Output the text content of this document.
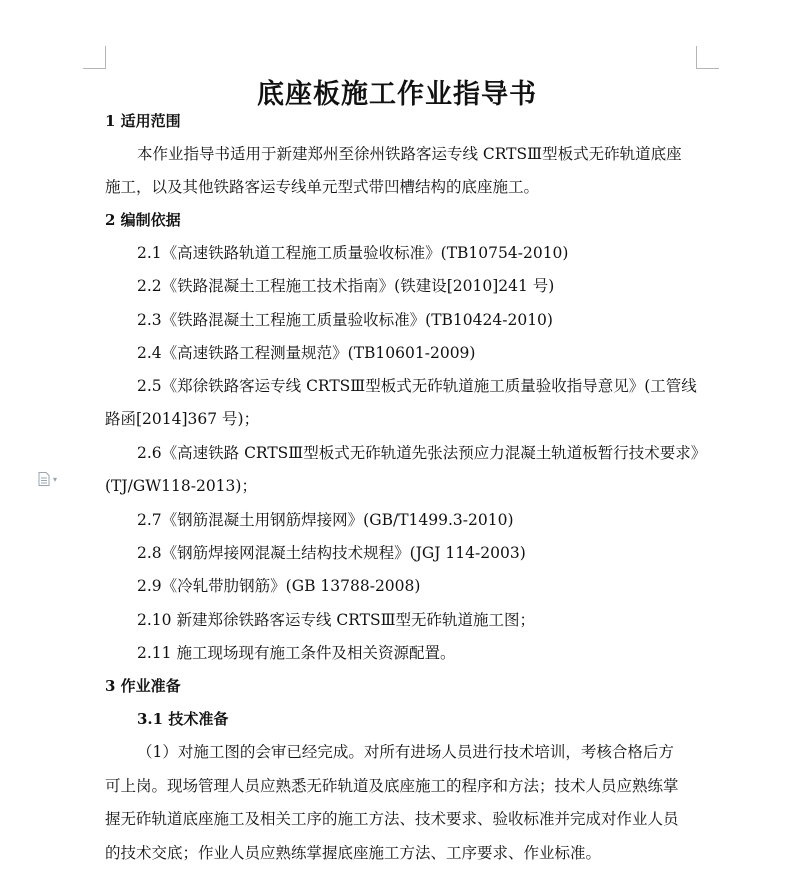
▾
底座板施工作业指导书
1 适用范围
本作业指导书适用于新建郑州至徐州铁路客运专线 CRTSⅢ型板式无砟轨道底座
施工，以及其他铁路客运专线单元型式带凹槽结构的底座施工。
2 编制依据
2.1《高速铁路轨道工程施工质量验收标准》(TB10754-2010)
2.2《铁路混凝土工程施工技术指南》(铁建设[2010]241 号)
2.3《铁路混凝土工程施工质量验收标准》(TB10424-2010)
2.4《高速铁路工程测量规范》(TB10601-2009)
2.5《郑徐铁路客运专线 CRTSⅢ型板式无砟轨道施工质量验收指导意见》(工管线
路函[2014]367 号)；
2.6《高速铁路 CRTSⅢ型板式无砟轨道先张法预应力混凝土轨道板暂行技术要求》
(TJ/GW118-2013)；
2.7《钢筋混凝土用钢筋焊接网》(GB/T1499.3-2010)
2.8《钢筋焊接网混凝土结构技术规程》(JGJ 114-2003)
2.9《冷轧带肋钢筋》(GB 13788-2008)
2.10 新建郑徐铁路客运专线 CRTSⅢ型无砟轨道施工图；
2.11 施工现场现有施工条件及相关资源配置。
3 作业准备
3.1 技术准备
（1）对施工图的会审已经完成。对所有进场人员进行技术培训，考核合格后方
可上岗。现场管理人员应熟悉无砟轨道及底座施工的程序和方法；技术人员应熟练掌
握无砟轨道底座施工及相关工序的施工方法、技术要求、验收标准并完成对作业人员
的技术交底；作业人员应熟练掌握底座施工方法、工序要求、作业标准。
